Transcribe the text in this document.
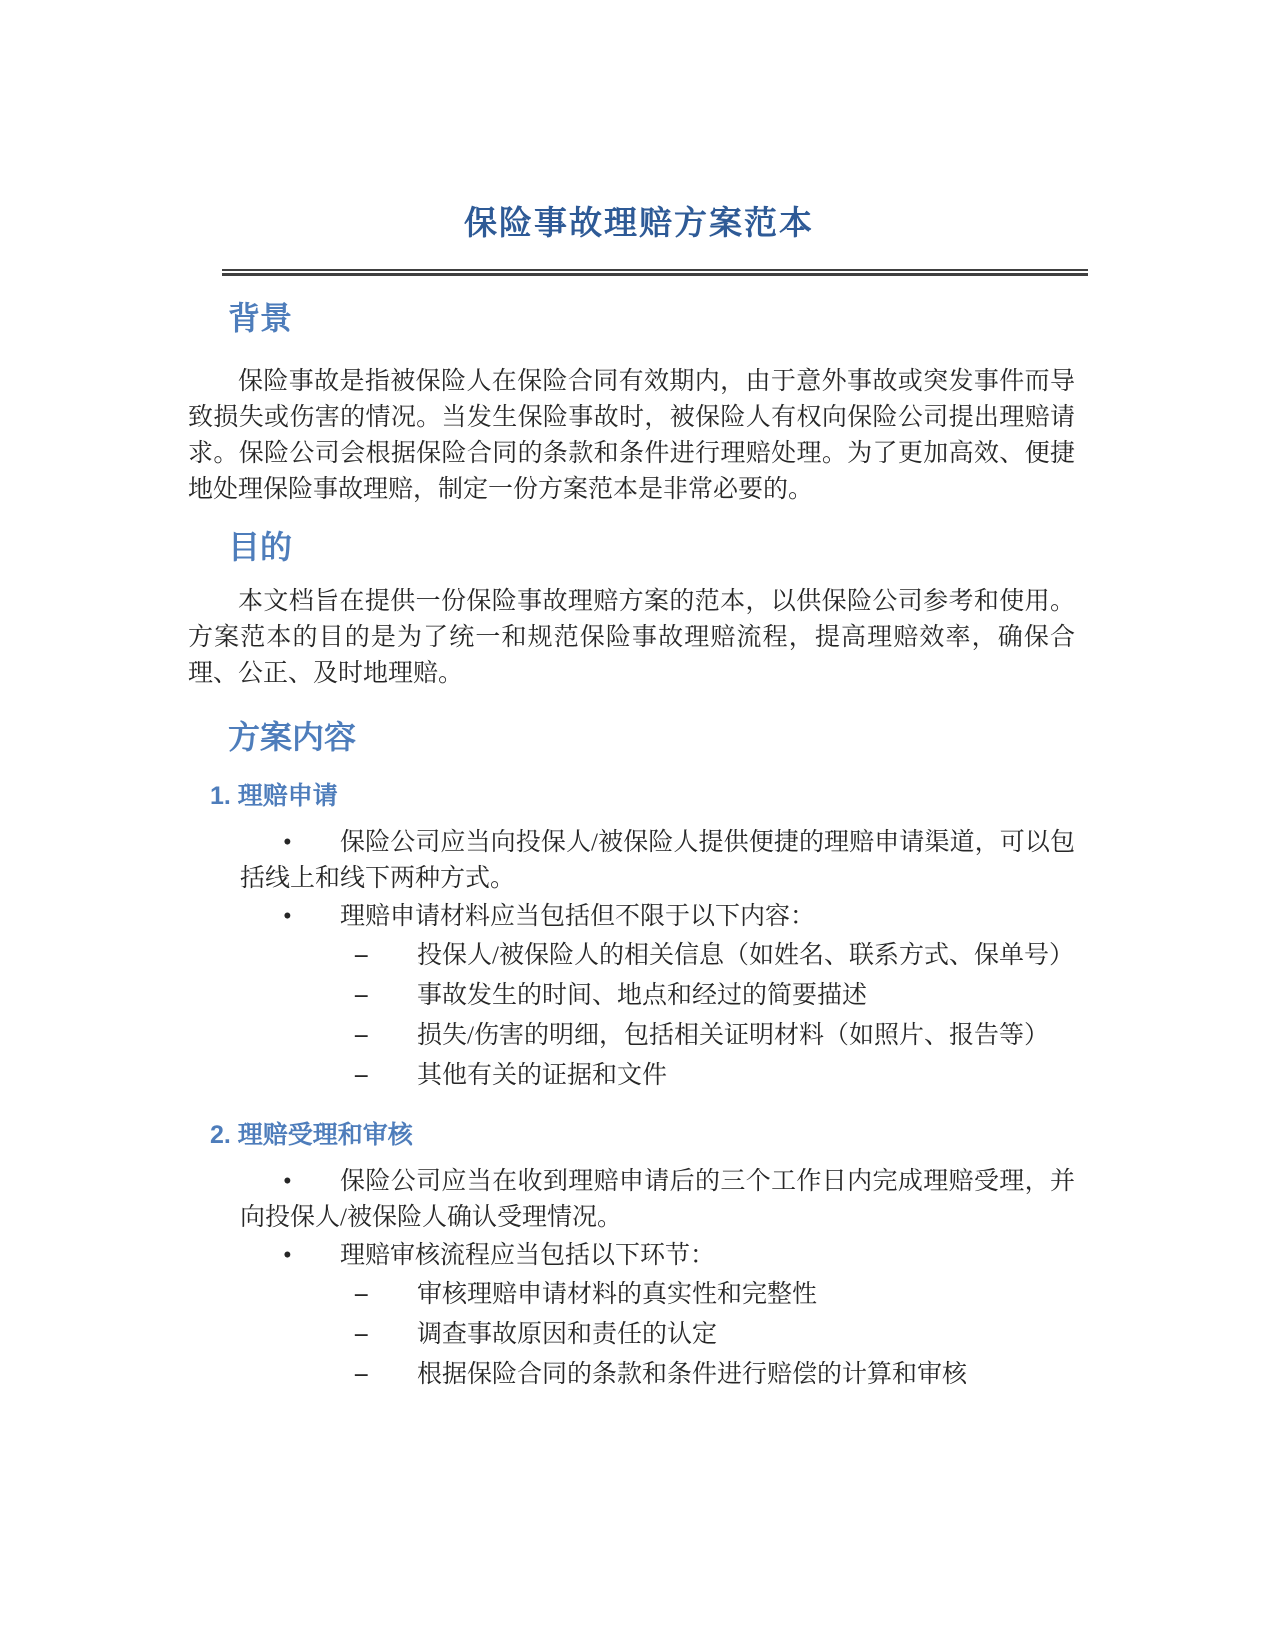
保险事故理赔方案范本
背景

保险事故是指被保险人在保险合同有效期内，由于意外事故或突发事件而导致损失或伤害的情况。当发生保险事故时，被保险人有权向保险公司提出理赔请求。保险公司会根据保险合同的条款和条件进行理赔处理。为了更加高效、便捷地处理保险事故理赔，制定一份方案范本是非常必要的。

目的

本文档旨在提供一份保险事故理赔方案的范本，以供保险公司参考和使用。方案范本的目的是为了统一和规范保险事故理赔流程，提高理赔效率，确保合理、公正、及时地理赔。

方案内容
1. 理赔申请
• 保险公司应当向投保人/被保险人提供便捷的理赔申请渠道，可以包括线上和线下两种方式。
• 理赔申请材料应当包括但不限于以下内容：
– 投保人/被保险人的相关信息（如姓名、联系方式、保单号）
– 事故发生的时间、地点和经过的简要描述
– 损失/伤害的明细，包括相关证明材料（如照片、报告等）
– 其他有关的证据和文件
2. 理赔受理和审核
• 保险公司应当在收到理赔申请后的三个工作日内完成理赔受理，并向投保人/被保险人确认受理情况。
• 理赔审核流程应当包括以下环节：
– 审核理赔申请材料的真实性和完整性
– 调查事故原因和责任的认定
– 根据保险合同的条款和条件进行赔偿的计算和审核
